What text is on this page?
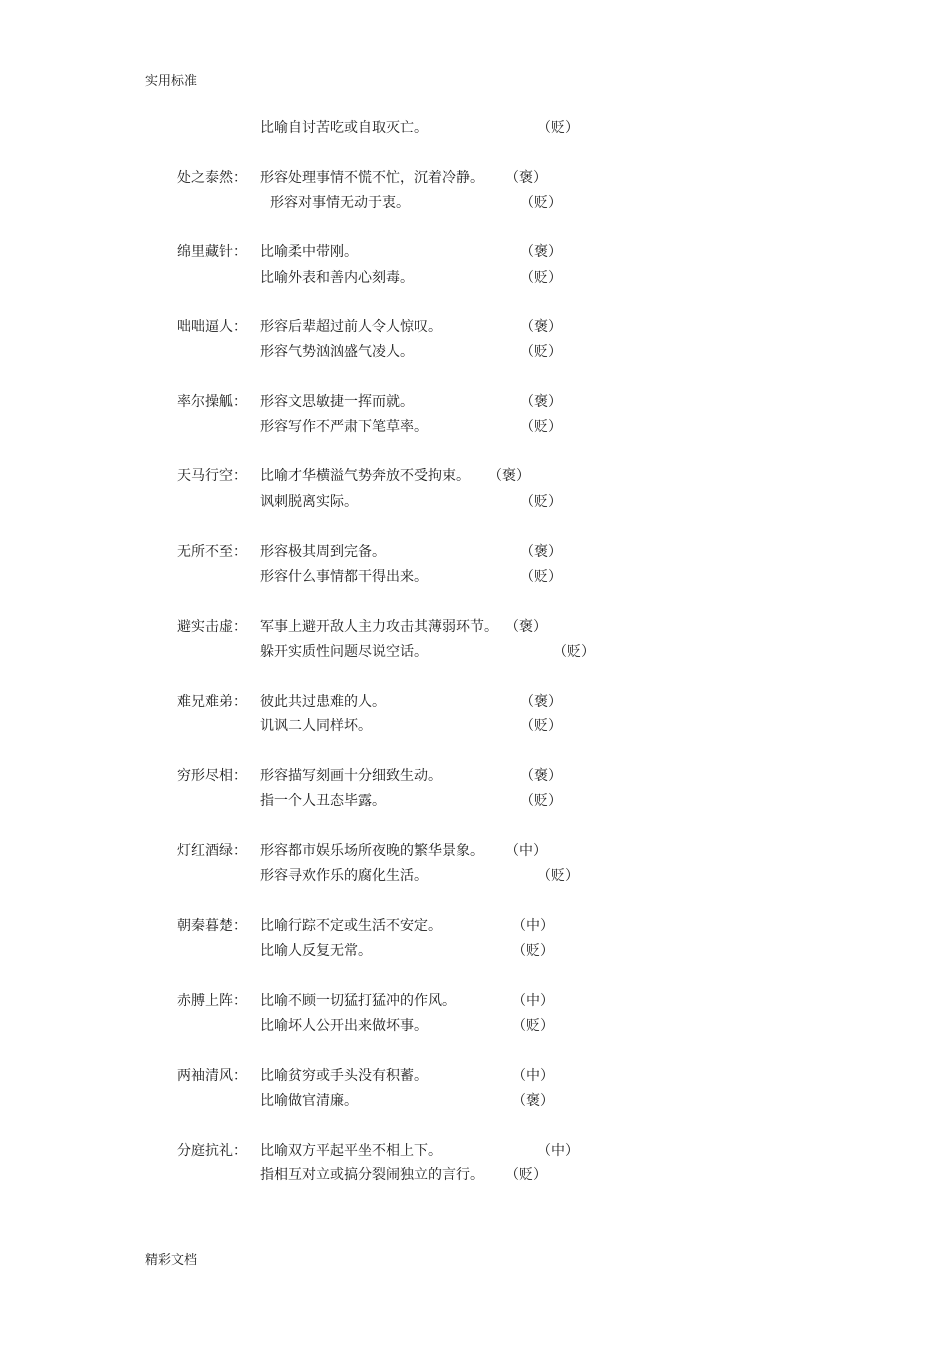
实用标准
比喻自讨苦吃或自取灭亡。	（贬）
处之泰然： 形容处理事情不慌不忙，沉着冷静。 （褒）
形容对事情无动于衷。	（贬）
绵里藏针： 比喻柔中带刚。	（褒）
比喻外表和善内心刻毒。	（贬）
咄咄逼人： 形容后辈超过前人令人惊叹。	（褒）
形容气势汹汹盛气凌人。	（贬）
率尔操觚： 形容文思敏捷一挥而就。	（褒）
形容写作不严肃下笔草率。	（贬）
天马行空： 比喻才华横溢气势奔放不受拘束。 （褒）
讽刺脱离实际。	（贬）
无所不至： 形容极其周到完备。	（褒）
形容什么事情都干得出来。	（贬）
避实击虚： 军事上避开敌人主力攻击其薄弱环节。 （褒）
躲开实质性问题尽说空话。	（贬）
难兄难弟： 彼此共过患难的人。	（褒）
讥讽二人同样坏。	（贬）
穷形尽相： 形容描写刻画十分细致生动。	（褒）
指一个人丑态毕露。	（贬）
灯红酒绿： 形容都市娱乐场所夜晚的繁华景象。 （中）
形容寻欢作乐的腐化生活。	（贬）
朝秦暮楚： 比喻行踪不定或生活不安定。	（中）
比喻人反复无常。	（贬）
赤膊上阵： 比喻不顾一切猛打猛冲的作风。	（中）
比喻坏人公开出来做坏事。	（贬）
两袖清风： 比喻贫穷或手头没有积蓄。	（中）
比喻做官清廉。	（褒）
分庭抗礼： 比喻双方平起平坐不相上下。	（中）
指相互对立或搞分裂闹独立的言行。 （贬）
精彩文档
